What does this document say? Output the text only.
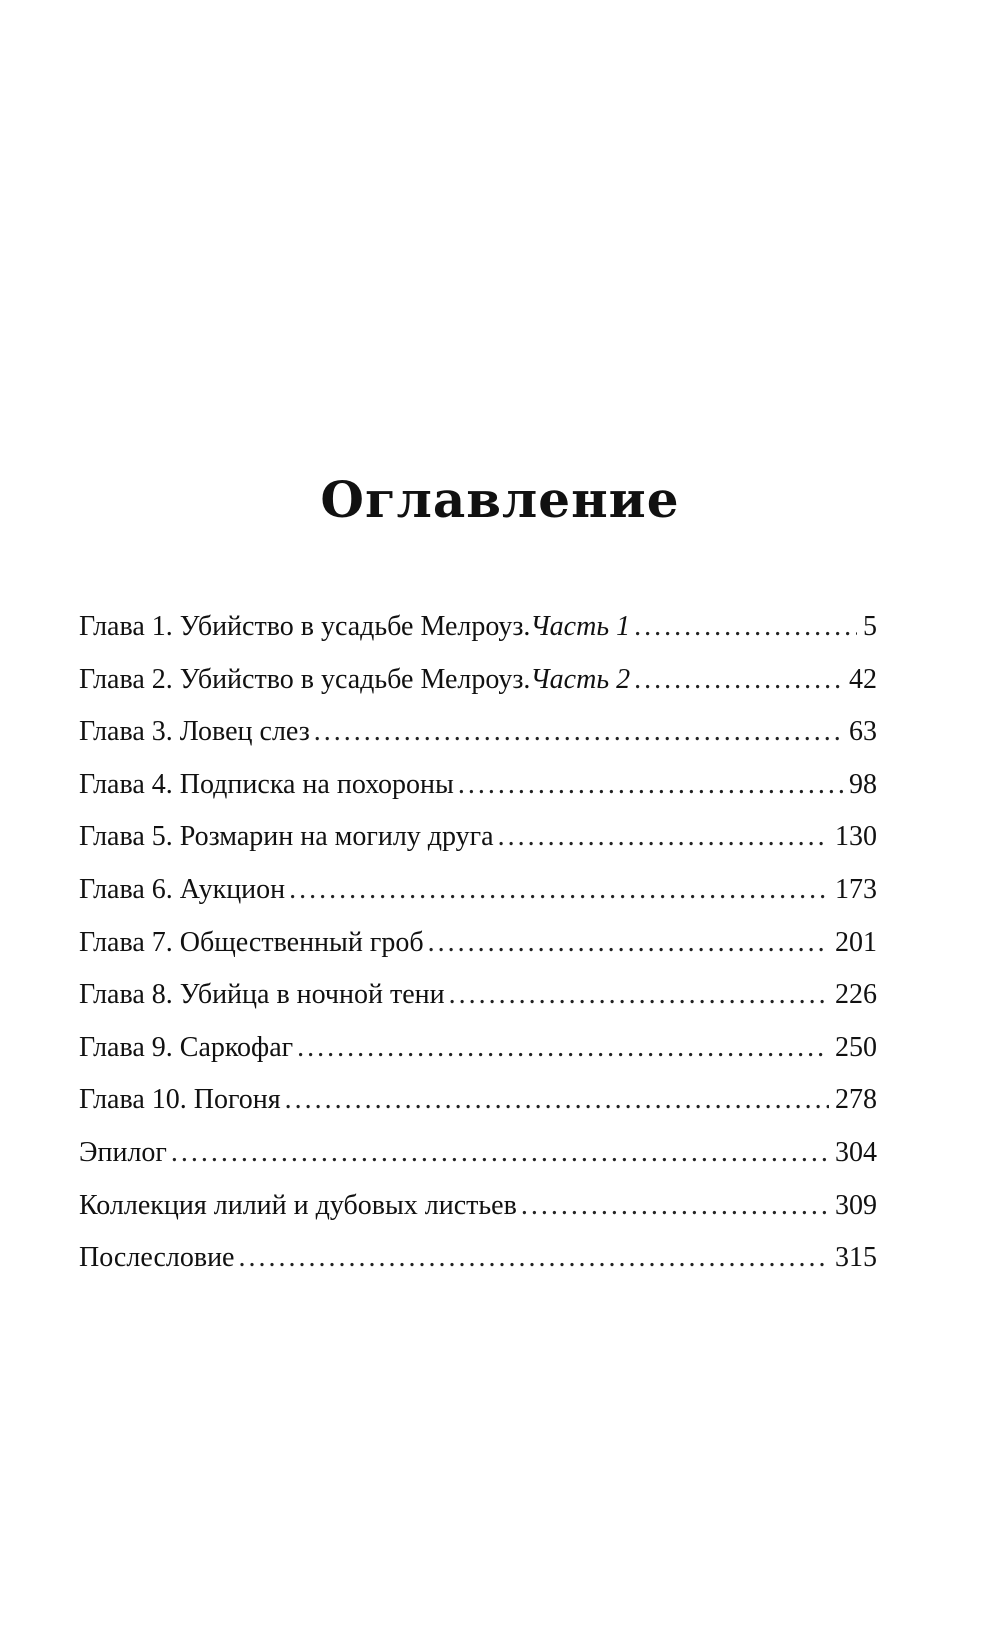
Оглавление
Глава 1. Убийство в усадьбе Мелроуз. Часть 1 . . .	5
Глава 2. Убийство в усадьбе Мелроуз. Часть 2 . . .	42
Глава 3. Ловец слез . . .	63
Глава 4. Подписка на похороны . . .	98
Глава 5. Розмарин на могилу друга . . .	130
Глава 6. Аукцион . . .	173
Глава 7. Общественный гроб . . .	201
Глава 8. Убийца в ночной тени . . .	226
Глава 9. Саркофаг . . .	250
Глава 10. Погоня . . .	278
Эпилог . . .	304
Коллекция лилий и дубовых листьев . . .	309
Послесловие . . .	315
